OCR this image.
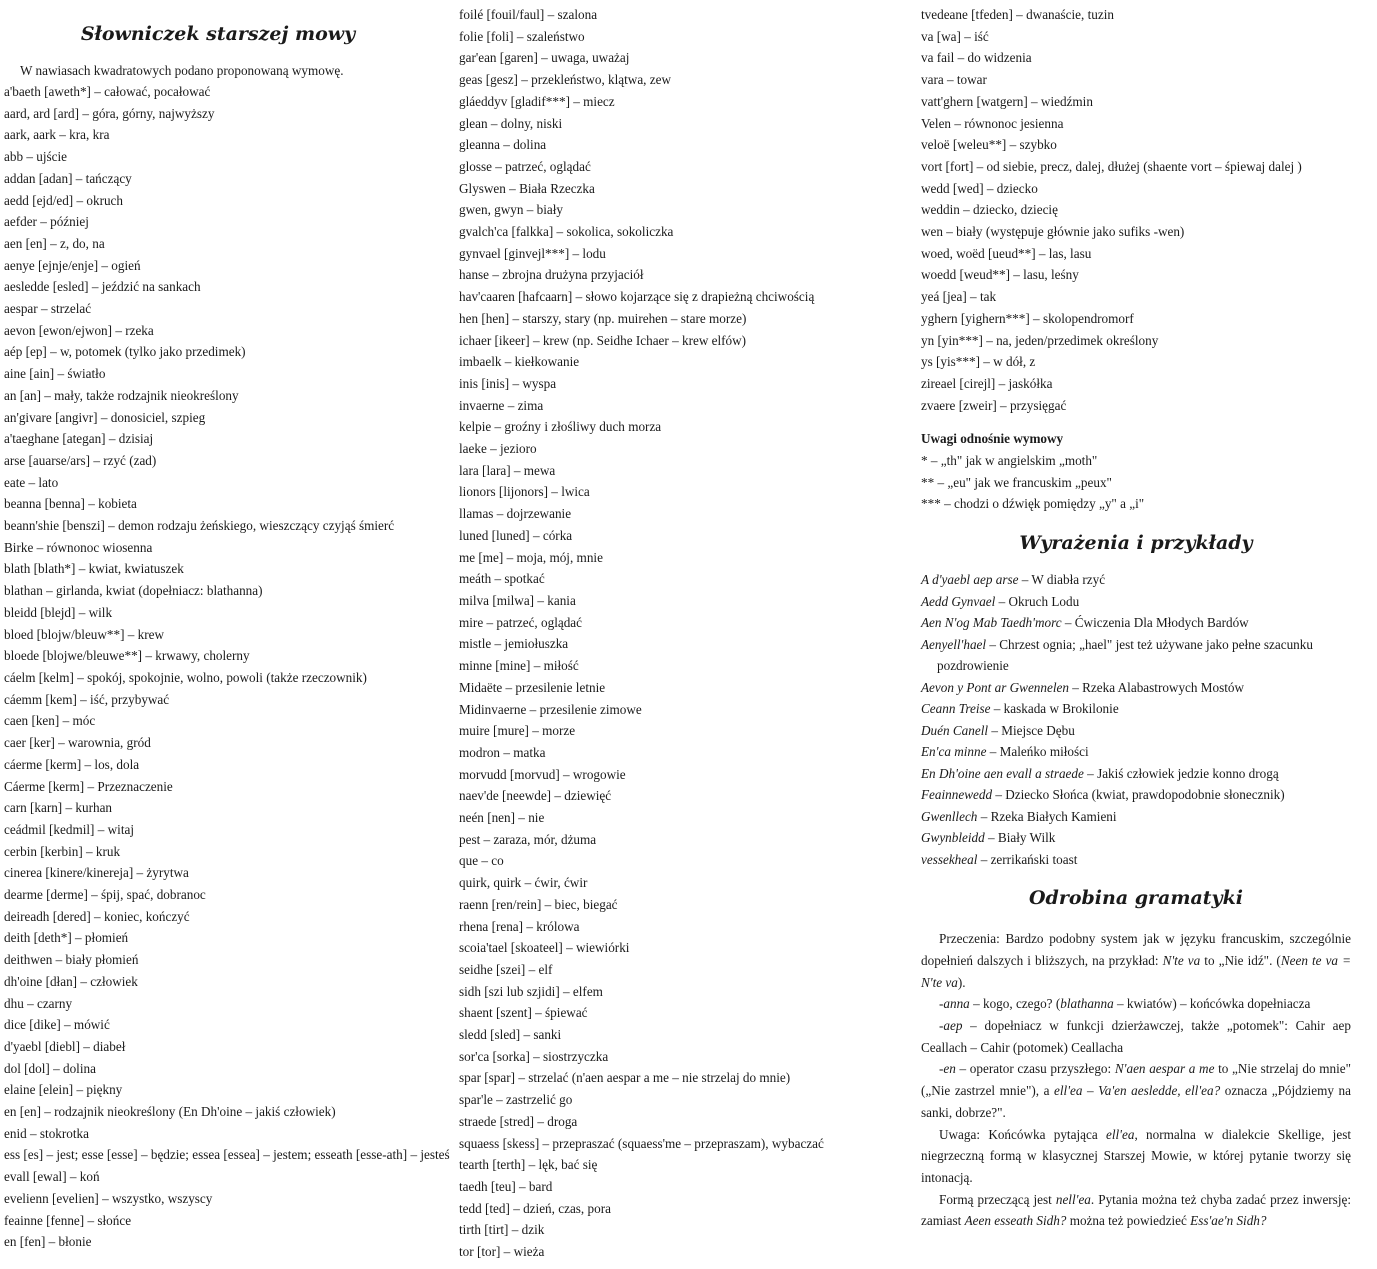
Słowniczek starszej mowy
W nawiasach kwadratowych podano proponowaną wymowę.
a'baeth [aweth*] – całować, pocałować
aard, ard [ard] – góra, górny, najwyższy
aark, aark – kra, kra
abb – ujście
addan [adan] – tańczący
aedd [ejd/ed] – okruch
aefder – później
aen [en] – z, do, na
aenye [ejnje/enje] – ogień
aesledde [esled] – jeździć na sankach
aespar – strzelać
aevon [ewon/ejwon] – rzeka
aép [ep] – w, potomek (tylko jako przedimek)
aine [ain] – światło
an [an] – mały, także rodzajnik nieokreślony
an'givare [angivr] – donosiciel, szpieg
a'taeghane [ategan] – dzisiaj
arse [auarse/ars] – rzyć (zad)
eate – lato
beanna [benna] – kobieta
beann'shie [benszi] – demon rodzaju żeńskiego, wieszczący czyjąś śmierć
Birke – równonoc wiosenna
blath [blath*] – kwiat, kwiatuszek
blathan – girlanda, kwiat (dopełniacz: blathanna)
bleidd [blejd] – wilk
bloed [blojw/bleuw**] – krew
bloede [blojwe/bleuwe**] – krwawy, cholerny
cáelm [kelm] – spokój, spokojnie, wolno, powoli (także rzeczownik)
cáemm [kem] – iść, przybywać
caen [ken] – móc
caer [ker] – warownia, gród
cáerme [kerm] – los, dola
Cáerme [kerm] – Przeznaczenie
carn [karn] – kurhan
ceádmil [kedmil] – witaj
cerbin [kerbin] – kruk
cinerea [kinere/kinereja] – żyrytwa
dearme [derme] – śpij, spać, dobranoc
deireadh [dered] – koniec, kończyć
deith [deth*] – płomień
deithwen – biały płomień
dh'oine [dłan] – człowiek
dhu – czarny
dice [dike] – mówić
d'yaebl [diebl] – diabeł
dol [dol] – dolina
elaine [elein] – piękny
en [en] – rodzajnik nieokreślony (En Dh'oine – jakiś człowiek)
enid – stokrotka
ess [es] – jest; esse [esse] – będzie; essea [essea] – jestem; esseath [esse-ath] – jesteś
evall [ewal] – koń
evelienn [evelien] – wszystko, wszyscy
feainne [fenne] – słońce
en [fen] – błonie
foilé [fouil/faul] – szalona
folie [foli] – szaleństwo
gar'ean [garen] – uwaga, uważaj
geas [gesz] – przekleństwo, klątwa, zew
gláeddyv [gladif***] – miecz
glean – dolny, niski
gleanna – dolina
glosse – patrzeć, oglądać
Glyswen – Biała Rzeczka
gwen, gwyn – biały
gvalch'ca [falkka] – sokolica, sokoliczka
gynvael [ginvejl***] – lodu
hanse – zbrojna drużyna przyjaciół
hav'caaren [hafcaarn] – słowo kojarzące się z drapieżną chciwością
hen [hen] – starszy, stary (np. muirehen – stare morze)
ichaer [ikeer] – krew (np. Seidhe Ichaer – krew elfów)
imbaelk – kiełkowanie
inis [inis] – wyspa
invaerne – zima
kelpie – groźny i złośliwy duch morza
laeke – jezioro
lara [lara] – mewa
lionors [lijonors] – lwica
llamas – dojrzewanie
luned [luned] – córka
me [me] – moja, mój, mnie
meáth – spotkać
milva [milwa] – kania
mire – patrzeć, oglądać
mistle – jemiołuszka
minne [mine] – miłość
Midaëte – przesilenie letnie
Midinvaerne – przesilenie zimowe
muire [mure] – morze
modron – matka
morvudd [morvud] – wrogowie
naev'de [neewde] – dziewięć
neén [nen] – nie
pest – zaraza, mór, dżuma
que – co
quirk, quirk – ćwir, ćwir
raenn [ren/rein] – biec, biegać
rhena [rena] – królowa
scoia'tael [skoateel] – wiewiórki
seidhe [szei] – elf
sidh [szi lub szjidi] – elfem
shaent [szent] – śpiewać
sledd [sled] – sanki
sor'ca [sorka] – siostrzyczka
spar [spar] – strzelać (n'aen aespar a me – nie strzelaj do mnie)
spar'le – zastrzelić go
straede [stred] – droga
squaess [skess] – przepraszać (squaess'me – przepraszam), wybaczać
tearth [terth] – lęk, bać się
taedh [teu] – bard
tedd [ted] – dzień, czas, pora
tirth [tirt] – dzik
tor [tor] – wieża
tvedeane [tfeden] – dwanaście, tuzin
va [wa] – iść
va fail – do widzenia
vara – towar
vatt'ghern [watgern] – wiedźmin
Velen – równonoc jesienna
veloë [weleu**] – szybko
vort [fort] – od siebie, precz, dalej, dłużej (shaente vort – śpiewaj dalej )
wedd [wed] – dziecko
weddin – dziecko, dziecię
wen – biały (występuje głównie jako sufiks -wen)
woed, woëd [ueud**] – las, lasu
woedd [weud**] – lasu, leśny
yeá [jea] – tak
yghern [yighern***] – skolopendromorf
yn [yin***] – na, jeden/przedimek określony
ys [yis***] – w dół, z
zireael [cirejl] – jaskółka
zvaere [zweir] – przysięgać
Uwagi odnośnie wymowy
* – „th" jak w angielskim „moth"
** – „eu" jak we francuskim „peux"
*** – chodzi o dźwięk pomiędzy „y" a „i"
Wyrażenia i przykłady
A d'yaebl aep arse – W diabła rzyć
Aedd Gynvael – Okruch Lodu
Aen N'og Mab Taedh'morc – Ćwiczenia Dla Młodych Bardów
Aenyell'hael – Chrzest ognia; „hael" jest też używane jako pełne szacunku pozdrowienie
Aevon y Pont ar Gwennelen – Rzeka Alabastrowych Mostów
Ceann Treise – kaskada w Brokilonie
Duén Canell – Miejsce Dębu
En'ca minne – Maleńko miłości
En Dh'oine aen evall a straede – Jakiś człowiek jedzie konno drogą
Feainnewedd – Dziecko Słońca (kwiat, prawdopodobnie słonecznik)
Gwenllech – Rzeka Białych Kamieni
Gwynbleidd – Biały Wilk
vessekheal – zerrikański toast
Odrobina gramatyki

Przeczenia: Bardzo podobny system jak w języku francuskim, szczególnie dopełnień dalszych i bliższych, na przykład: N'te va to „Nie idź". (Neen te va = N'te va).

-anna – kogo, czego? (blathanna – kwiatów) – końcówka dopełniacza

-aep – dopełniacz w funkcji dzierżawczej, także „potomek": Cahir aep Ceallach – Cahir (potomek) Ceallacha

-en – operator czasu przyszłego: N'aen aespar a me to „Nie strzelaj do mnie" („Nie zastrzel mnie"), a ell'ea – Va'en aesledde, ell'ea? oznacza „Pójdziemy na sanki, dobrze?".

Uwaga: Końcówka pytająca ell'ea, normalna w dialekcie Skellige, jest niegrzeczną formą w klasycznej Starszej Mowie, w której pytanie tworzy się intonacją.

Formą przeczącą jest nell'ea. Pytania można też chyba zadać przez inwersję: zamiast Aeen esseath Sidh? można też powiedzieć Ess'ae'n Sidh?
